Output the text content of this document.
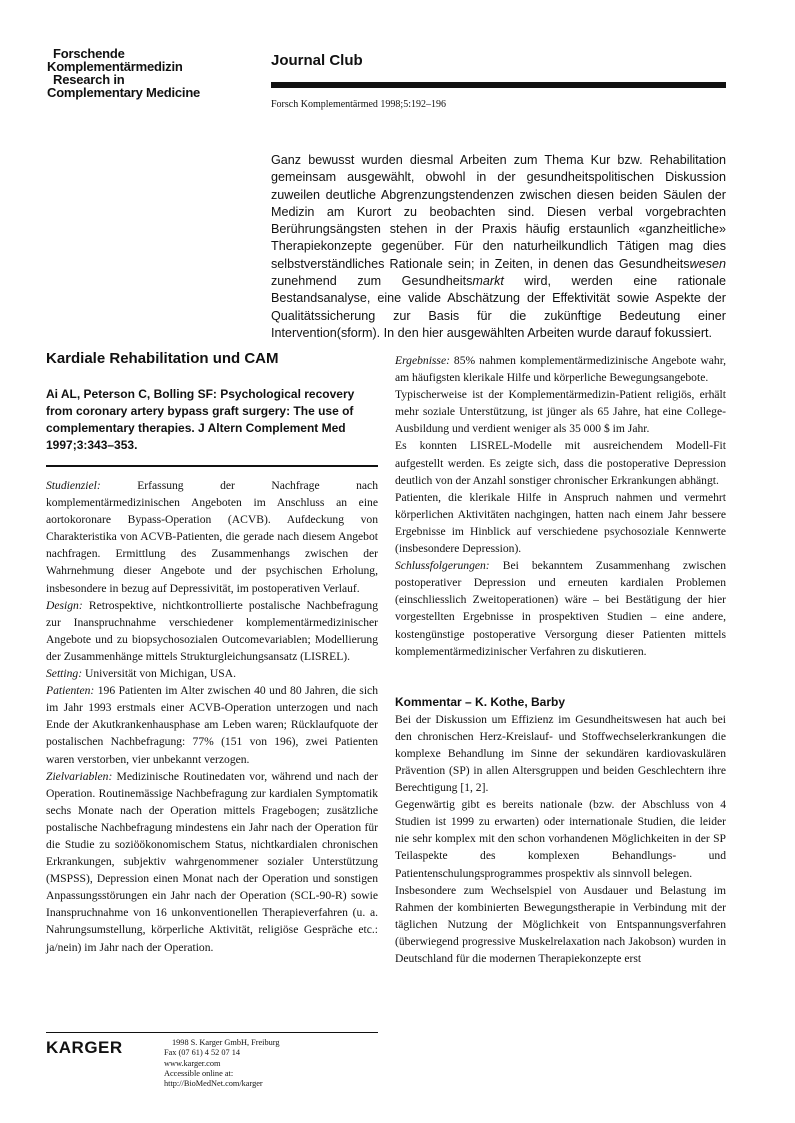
Forschende
Komplementärmedizin
Research in
Complementary Medicine
Journal Club
Forsch Komplementärmed 1998;5:192–196

Ganz bewusst wurden diesmal Arbeiten zum Thema Kur bzw. Rehabilitation gemeinsam ausgewählt, obwohl in der gesundheitspolitischen Diskussion zuweilen deutliche Abgrenzungstendenzen zwischen diesen beiden Säulen der Medizin am Kurort zu beobachten sind. Diesen verbal vorgebrachten Berührungsängsten stehen in der Praxis häufig erstaunlich «ganzheitliche» Therapiekonzepte gegenüber. Für den naturheilkundlich Tätigen mag dies selbstverständliches Rationale sein; in Zeiten, in denen das Gesundheitswesen zunehmend zum Gesundheitsmarkt wird, werden eine rationale Bestandsanalyse, eine valide Abschätzung der Effektivität sowie Aspekte der Qualitätssicherung zur Basis für die zukünftige Bedeutung einer Intervention(sform). In den hier ausgewählten Arbeiten wurde darauf fokussiert.

Kardiale Rehabilitation und CAM

Ai AL, Peterson C, Bolling SF: Psychological recovery from coronary artery bypass graft surgery: The use of complementary therapies. J Altern Complement Med 1997;3:343–353.

Studienziel: Erfassung der Nachfrage nach komplementärmedizinischen Angeboten im Anschluss an eine aortokoronare Bypass-Operation (ACVB). Aufdeckung von Charakteristika von ACVB-Patienten, die gerade nach diesem Angebot nachfragen. Ermittlung des Zusammenhangs zwischen der Wahrnehmung dieser Angebote und der psychischen Erholung, insbesondere in bezug auf Depressivität, im postoperativen Verlauf.

Design: Retrospektive, nichtkontrollierte postalische Nachbefragung zur Inanspruchnahme verschiedener komplementärmedizinischer Angebote und zu biopsychosozialen Outcomevariablen; Modellierung der Zusammenhänge mittels Strukturgleichungsansatz (LISREL).

Setting: Universität von Michigan, USA.

Patienten: 196 Patienten im Alter zwischen 40 und 80 Jahren, die sich im Jahr 1993 erstmals einer ACVB-Operation unterzogen und nach Ende der Akutkrankenhausphase am Leben waren; Rücklaufquote der postalischen Nachbefragung: 77% (151 von 196), zwei Patienten waren verstorben, vier unbekannt verzogen.

Zielvariablen: Medizinische Routinedaten vor, während und nach der Operation. Routinemässige Nachbefragung zur kardialen Symptomatik sechs Monate nach der Operation mittels Fragebogen; zusätzliche postalische Nachbefragung mindestens ein Jahr nach der Operation für die Studie zu soziöökonomischem Status, nichtkardialen chronischen Erkrankungen, subjektiv wahrgenommener sozialer Unterstützung (MSPSS), Depression einen Monat nach der Operation und sonstigen Anpassungsstörungen ein Jahr nach der Operation (SCL-90-R) sowie Inanspruchnahme von 16 unkonventionellen Therapieverfahren (u. a. Nahrungsumstellung, körperliche Aktivität, religiöse Gespräche etc.: ja/nein) im Jahr nach der Operation.

Ergebnisse: 85% nahmen komplementärmedizinische Angebote wahr, am häufigsten klerikale Hilfe und körperliche Bewegungsangebote.

Typischerweise ist der Komplementärmedizin-Patient religiös, erhält mehr soziale Unterstützung, ist jünger als 65 Jahre, hat eine College-Ausbildung und verdient weniger als 35 000 $ im Jahr.

Es konnten LISREL-Modelle mit ausreichendem Modell-Fit aufgestellt werden. Es zeigte sich, dass die postoperative Depression deutlich von der Anzahl sonstiger chronischer Erkrankungen abhängt.

Patienten, die klerikale Hilfe in Anspruch nahmen und vermehrt körperlichen Aktivitäten nachgingen, hatten nach einem Jahr bessere Ergebnisse im Hinblick auf verschiedene psychosoziale Kennwerte (insbesondere Depression).

Schlussfolgerungen: Bei bekanntem Zusammenhang zwischen postoperativer Depression und erneuten kardialen Problemen (einschliesslich Zweitoperationen) wäre – bei Bestätigung der hier vorgestellten Ergebnisse in prospektiven Studien – eine andere, kostengünstige postoperative Versorgung dieser Patienten mittels komplementärmedizinischer Verfahren zu diskutieren.

Kommentar – K. Kothe, Barby

Bei der Diskussion um Effizienz im Gesundheitswesen hat auch bei den chronischen Herz-Kreislauf- und Stoffwechselerkrankungen die komplexe Behandlung im Sinne der sekundären kardiovaskulären Prävention (SP) in allen Altersgruppen und beiden Geschlechtern ihre Berechtigung [1, 2].

Gegenwärtig gibt es bereits nationale (bzw. der Abschluss von 4 Studien ist 1999 zu erwarten) oder internationale Studien, die leider nie sehr komplex mit den schon vorhandenen Möglichkeiten in der SP Teilaspekte des komplexen Behandlungs- und Patientenschulungsprogrammes prospektiv als sinnvoll belegen.

Insbesondere zum Wechselspiel von Ausdauer und Belastung im Rahmen der kombinierten Bewegungstherapie in Verbindung mit der täglichen Nutzung der Möglichkeit von Entspannungsverfahren (überwiegend progressive Muskelrelaxation nach Jakobson) wurden in Deutschland für die modernen Therapiekonzepte erst

KARGER	1998 S. Karger GmbH, Freiburg
Fax (07 61) 4 52 07 14
www.karger.com
Accessible online at:
http://BioMedNet.com/karger
